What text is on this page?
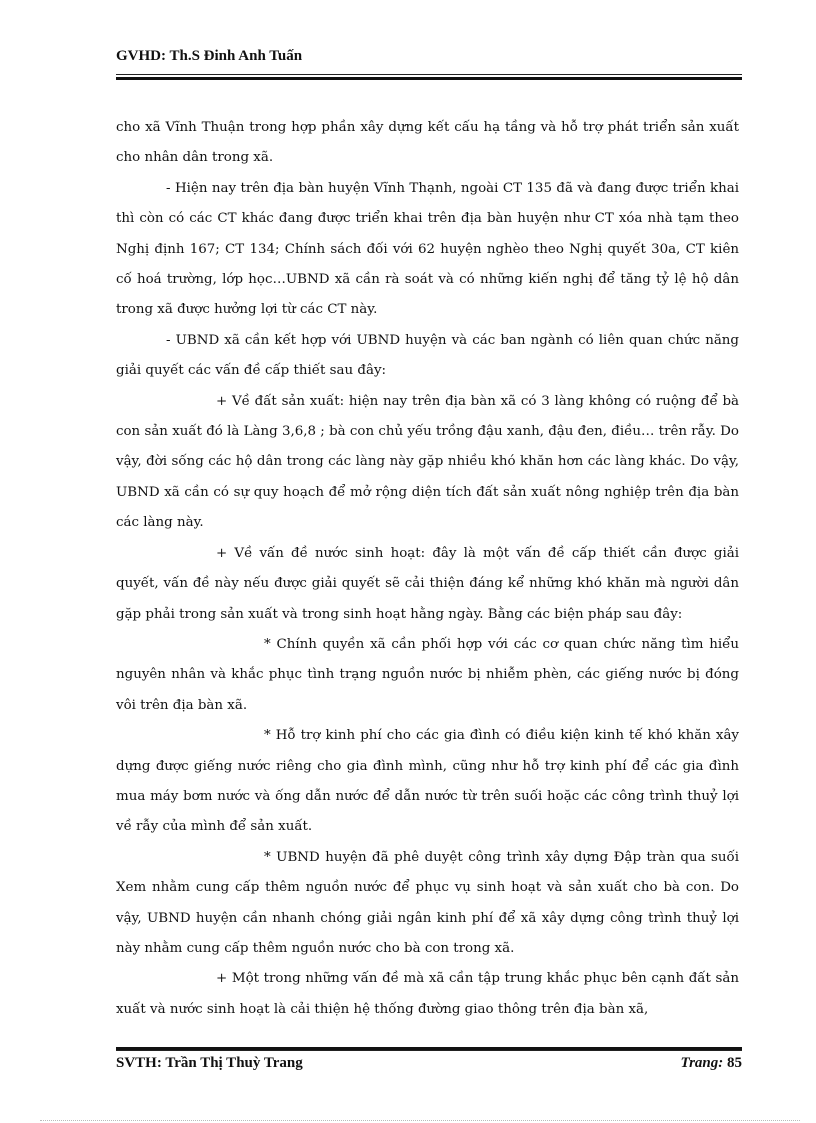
GVHD: Th.S Đinh Anh Tuấn

cho xã Vĩnh Thuận trong hợp phần xây dựng kết cấu hạ tầng và hỗ trợ phát triển sản xuất cho nhân dân trong xã.

- Hiện nay trên địa bàn huyện Vĩnh Thạnh, ngoài CT 135 đã và đang được triển khai thì còn có các CT khác đang được triển khai trên địa bàn huyện như CT xóa nhà tạm theo Nghị định 167; CT 134; Chính sách đối với 62 huyện nghèo theo Nghị quyết 30a, CT kiên cố hoá trường, lớp học…UBND xã cần rà soát và có những kiến nghị để tăng tỷ lệ hộ dân trong xã được hưởng lợi từ các CT này.

- UBND xã cần kết hợp với UBND huyện và các ban ngành có liên quan chức năng giải quyết các vấn đề cấp thiết sau đây:

+ Về đất sản xuất: hiện nay trên địa bàn xã có 3 làng không có ruộng để bà con sản xuất đó là Làng 3,6,8 ; bà con chủ yếu trồng đậu xanh, đậu đen, điều… trên rẫy. Do vậy, đời sống các hộ dân trong các làng này gặp nhiều khó khăn hơn các làng khác. Do vậy, UBND xã cần có sự quy hoạch để mở rộng diện tích đất sản xuất nông nghiệp trên địa bàn các làng này.

+ Về vấn đề nước sinh hoạt: đây là một vấn đề cấp thiết cần được giải quyết, vấn đề này nếu được giải quyết sẽ cải thiện đáng kể những khó khăn mà người dân gặp phải trong sản xuất và trong sinh hoạt hằng ngày. Bằng các biện pháp sau đây:

* Chính quyền xã cần phối hợp với các cơ quan chức năng tìm hiểu nguyên nhân và khắc phục tình trạng nguồn nước bị nhiễm phèn, các giếng nước bị đóng vôi trên địa bàn xã.

* Hỗ trợ kinh phí cho các gia đình có điều kiện kinh tế khó khăn xây dựng được giếng nước riêng cho gia đình mình, cũng như hỗ trợ kinh phí để các gia đình mua máy bơm nước và ống dẫn nước để dẫn nước từ trên suối hoặc các công trình thuỷ lợi về rẫy của mình để sản xuất.

* UBND huyện đã phê duyệt công trình xây dựng Đập tràn qua suối Xem nhằm cung cấp thêm nguồn nước để phục vụ sinh hoạt và sản xuất cho bà con. Do vậy, UBND huyện cần nhanh chóng giải ngân kinh phí để xã xây dựng công trình thuỷ lợi này nhằm cung cấp thêm nguồn nước cho bà con trong xã.

+ Một trong những vấn đề mà xã cần tập trung khắc phục bên cạnh đất sản xuất và nước sinh hoạt là cải thiện hệ thống đường giao thông trên địa bàn xã,

SVTH: Trần Thị Thuỳ Trang	Trang: 85
